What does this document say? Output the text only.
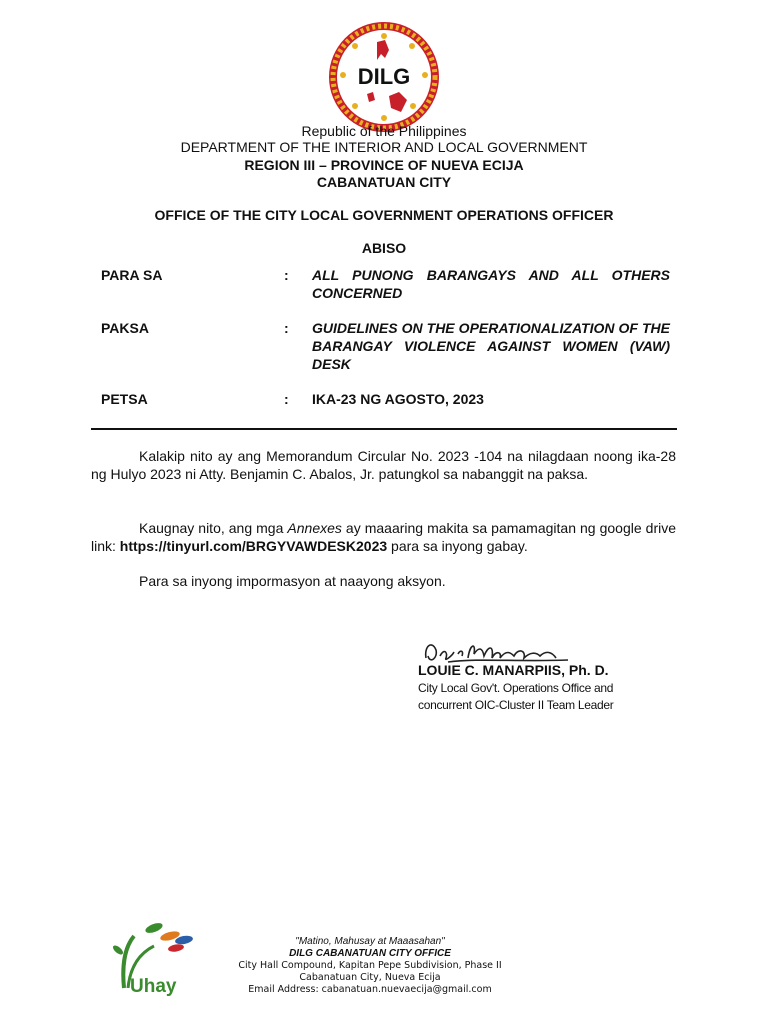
DILG
Republic of the Philippines
DEPARTMENT OF THE INTERIOR AND LOCAL GOVERNMENT
REGION III – PROVINCE OF NUEVA ECIJA
CABANATUAN CITY
OFFICE OF THE CITY LOCAL GOVERNMENT OPERATIONS OFFICER
ABISO
PARA SA	: ALL PUNONG BARANGAYS AND ALL OTHERS CONCERNED
PAKSA	: GUIDELINES ON THE OPERATIONALIZATION OF THE BARANGAY VIOLENCE AGAINST WOMEN (VAW) DESK
PETSA	: IKA-23 NG AGOSTO, 2023
Kalakip nito ay ang Memorandum Circular No. 2023 -104 na nilagdaan noong ika-28 ng Hulyo 2023 ni Atty. Benjamin C. Abalos, Jr. patungkol sa nabanggit na paksa.
Kaugnay nito, ang mga Annexes ay maaaring makita sa pamamagitan ng google drive link: https://tinyurl.com/BRGYVAWDESK2023 para sa inyong gabay.
Para sa inyong impormasyon at naayong aksyon.
LOUIE C. MANARPIIS, Ph. D.
City Local Gov't. Operations Office and
concurrent OIC-Cluster II Team Leader
Uhay
"Matino, Mahusay at Maaasahan"
DILG CABANATUAN CITY OFFICE
City Hall Compound, Kapitan Pepe Subdivision, Phase II
Cabanatuan City, Nueva Ecija
Email Address: cabanatuan.nuevaecija@gmail.com
